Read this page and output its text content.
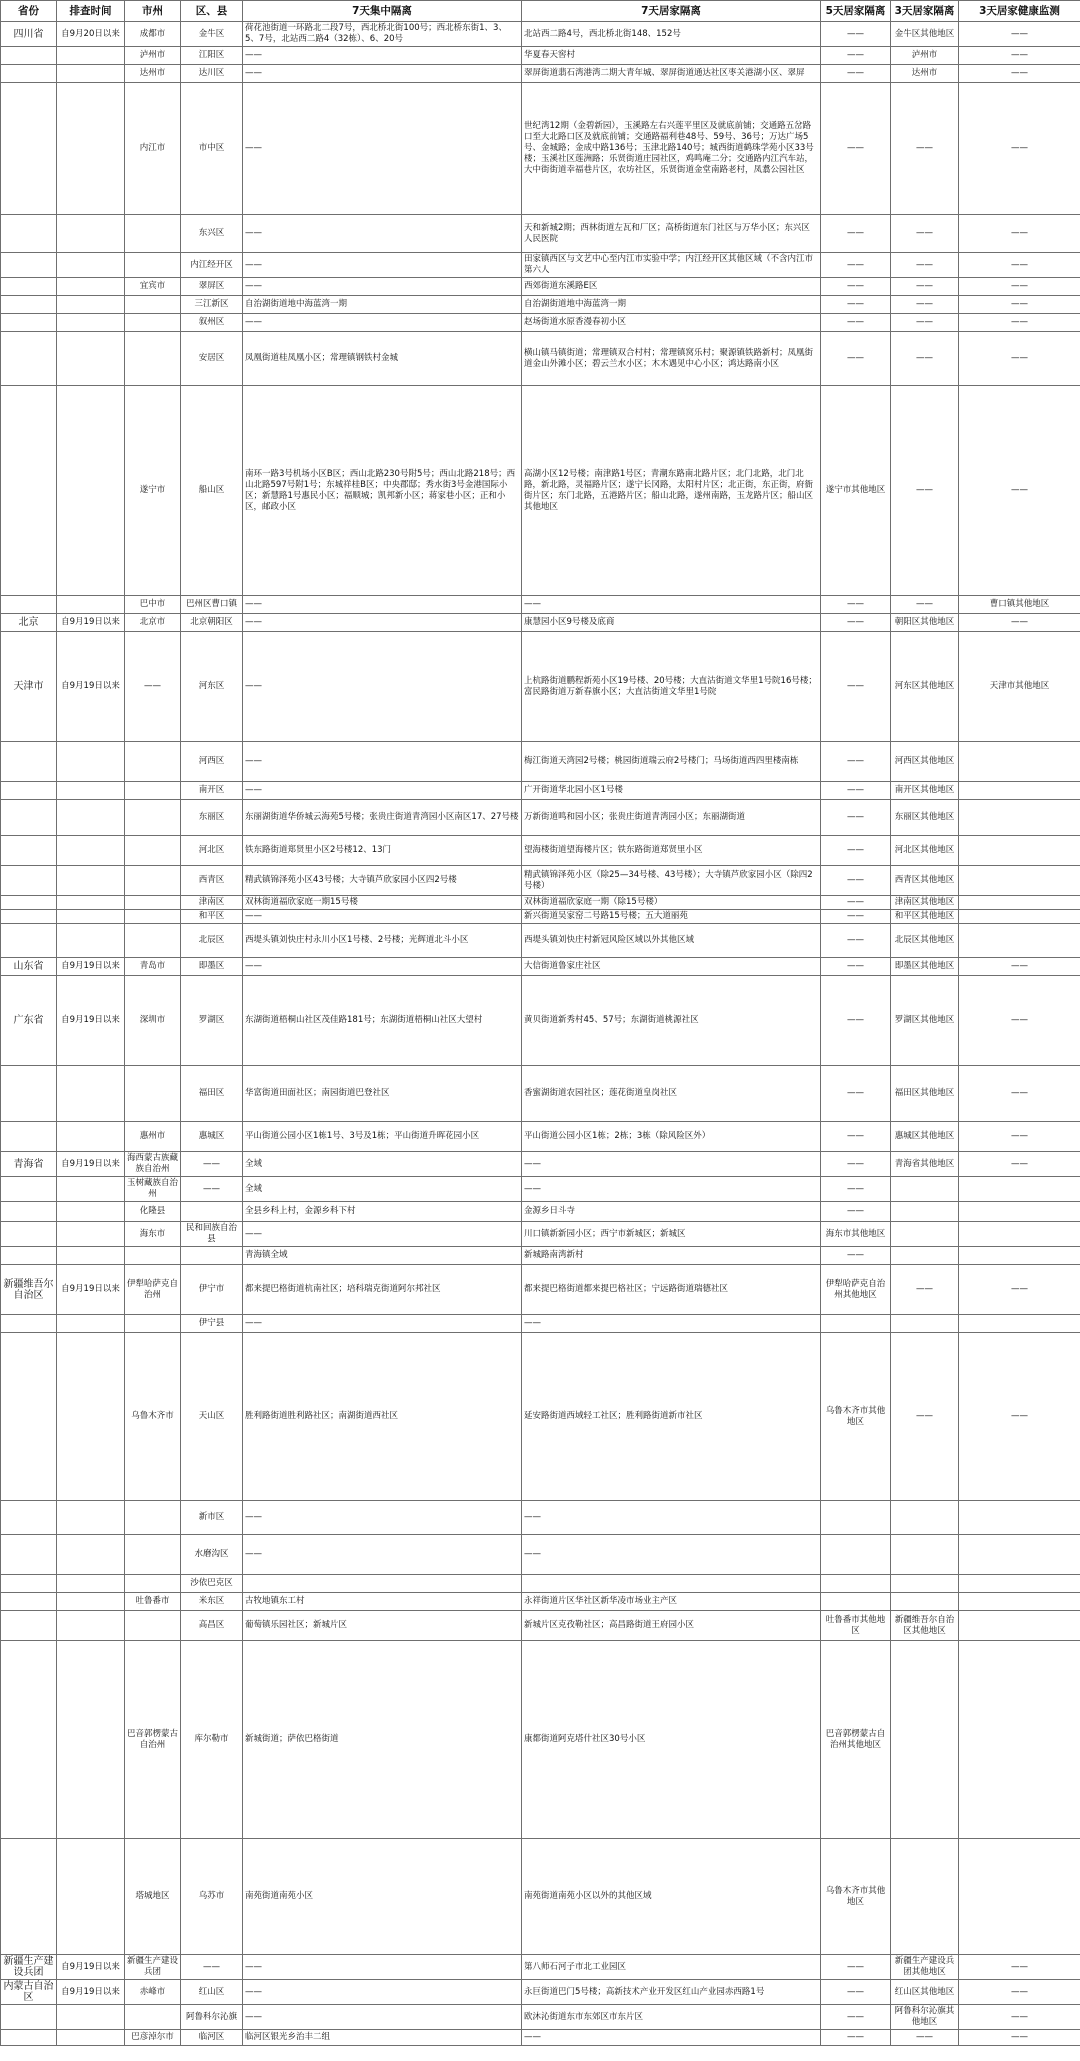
省份	排查时间	市州	区、县	7天集中隔离	7天居家隔离	5天居家隔离	3天居家隔离	3天居家健康监测
四川省	自9月20日以来	成都市	金牛区	荷花池街道一环路北二段7号，西北桥北街100号；西北桥东街1、3、5、7号，北站西二路4（32栋）、6、20号	北站西二路4号，西北桥北街148、152号	——	金牛区其他地区	——
		泸州市	江阳区	——	华夏春天窖村	——	泸州市	——
		达州市	达川区	——	翠屏街道翡石湾港湾二期大青年城、翠屏街道通达社区枣关港湖小区、翠屏	——	达州市	——
		内江市	市中区	——	世纪湾12期（金碧新园），玉溪路左右兴莲平里区及就底前铺；交通路五岔路口至大北路口区及就底前铺；交通路福利巷48号、59号、36号；万达广场5号、金城路；金成中路136号；玉津北路140号；城西街道鹤珠学苑小区33号楼；玉溪社区莲洲路；乐贤街道庄园社区，鸡鸣庵二分；交通路内江汽车站，大中街街道幸福巷片区，农坊社区，乐贤街道金堂南路老村，凤翥公园社区	——	——	——
			东兴区	——	天和新城2期；西林街道左瓦和厂区；高桥街道东门社区与万华小区；东兴区人民医院	——	——	——
			内江经开区	——	田家镇西区与文艺中心至内江市实验中学；内江经开区其他区域（不含内江市第六人	——	——	——
		宜宾市	翠屏区	——	西郊街道东溪路E区	——	——	——
			三江新区	自治湖街道地中海蓝湾一期	自治湖街道地中海蓝湾一期	——	——	——
			叙州区	——	赵场街道水原香漫春初小区	——	——	——
			安居区	凤凰街道桂凤凰小区；常理镇钢铁村金城	横山镇马镇街道；常理镇双合村村；常理镇窝乐村；聚源镇铁路新村；凤凰街道金山外滩小区；碧云兰水小区；木木遇见中心小区；鸿达路南小区	——	——	——
		遂宁市	船山区	南环一路3号机场小区B区；西山北路230号附5号；西山北路218号；西山北路597号附1号；东城祥桂B区；中央郡邸；秀水街3号金港国际小区；新慧路1号惠民小区；福顺城；凯邦新小区；蒋家巷小区；正和小区，邮政小区	高湖小区12号楼；南津路1号区；青潮东路南北路片区；北门北路，北门北路，新北路，灵福路片区；遂宁长冈路，太阳村片区；北正街，东正街，府衙街片区；东门北路，五港路片区；船山北路，遂州南路，玉龙路片区；船山区其他地区	遂宁市其他地区	——	——
		巴中市	巴州区曹口镇	——	——	——	——	曹口镇其他地区
北京	自9月19日以来	北京市	北京朝阳区	——	康慧园小区9号楼及底商	——	朝阳区其他地区	——
天津市	自9月19日以来	——	河东区	——	上杭路街道鹏程新苑小区19号楼、20号楼；大直沽街道文华里1号院16号楼；富民路街道万新春旗小区；大直沽街道文华里1号院	——	河东区其他地区	天津市其他地区
			河西区	——	梅江街道天湾园2号楼；桃园街道瑞云府2号楼门；马场街道西四里楼南栋	——	河西区其他地区	
			南开区	——	广开街道华北园小区1号楼	——	南开区其他地区	
			东丽区	东丽湖街道华侨城云海苑5号楼；张贵庄街道青湾园小区南区17、27号楼	万新街道鸣和园小区；张贵庄街道青湾园小区；东丽湖街道	——	东丽区其他地区	
			河北区	铁东路街道郑贤里小区2号楼12、13门	望海楼街道望海楼片区；铁东路街道郑贤里小区	——	河北区其他地区	
			西青区	精武镇锦泽苑小区43号楼；大寺镇芦欣家园小区四2号楼	精武镇锦泽苑小区（除25—34号楼、43号楼）；大寺镇芦欣家园小区（除四2号楼）	——	西青区其他地区	
			津南区	双林街道福欣家庭一期15号楼	双林街道福欣家庭一期（除15号楼）	——	津南区其他地区	
			和平区	——	新兴街道吴家窑二号路15号楼；五大道丽苑	——	和平区其他地区	
			北辰区	西堤头镇刘快庄村永川小区1号楼、2号楼；光辉道北斗小区	西堤头镇刘快庄村新冠风险区域以外其他区域	——	北辰区其他地区	
山东省	自9月19日以来	青岛市	即墨区	——	大信街道鲁家庄社区	——	即墨区其他地区	——
广东省	自9月19日以来	深圳市	罗湖区	东湖街道梧桐山社区茂佳路181号；东湖街道梧桐山社区大望村	黄贝街道新秀村45、57号；东湖街道桃源社区	——	罗湖区其他地区	——
			福田区	华富街道田面社区；南园街道巴登社区	香蜜湖街道农园社区；莲花街道皇岗社区	——	福田区其他地区	——
		惠州市	惠城区	平山街道公园小区1栋1号、3号及1栋；平山街道升晖花园小区	平山街道公园小区1栋；2栋；3栋（除风险区外）	——	惠城区其他地区	——
青海省	自9月19日以来	海西蒙古族藏族自治州	——	全域	——	——	青海省其他地区	——
		玉树藏族自治州	——	全域	——	——		
		化隆县		全县乡科上村，金源乡科下村	金源乡日斗寺	——		
		海东市	民和回族自治县	——	川口镇新新园小区；西宁市新城区；新城区	海东市其他地区		
				青海镇全域	新城路南湾新村	——		
新疆维吾尔自治区	自9月19日以来	伊犁哈萨克自治州	伊宁市	都来提巴格街道杭南社区；培科瑞克街道阿尔邦社区	都来提巴格街道都来提巴格社区；宁远路街道瑞德社区	伊犁哈萨克自治州其他地区	——	——
			伊宁县	——	——			
		乌鲁木齐市	天山区	胜利路街道胜利路社区；南湖街道西社区	延安路街道西域轻工社区；胜利路街道新市社区	乌鲁木齐市其他地区	——	——
			新市区	——	——			
			水磨沟区	——	——			
			沙依巴克区					
		吐鲁番市	米东区	古牧地镇东工村	永祥街道片区华社区新华凌市场业主产区			
			高昌区	葡萄镇乐园社区；新城片区	新城片区克孜勒社区；高昌路街道王府园小区	吐鲁番市其他地区	新疆维吾尔自治区其他地区	
		巴音郭楞蒙古自治州	库尔勒市	新城街道；萨依巴格街道	康都街道阿克塔什社区30号小区	巴音郭楞蒙古自治州其他地区		
		塔城地区	乌苏市	南苑街道南苑小区	南苑街道南苑小区以外的其他区域	乌鲁木齐市其他地区		
新疆生产建设兵团	自9月19日以来	新疆生产建设兵团	——	——	第八师石河子市北工业园区	——	新疆生产建设兵团其他地区	——
内蒙古自治区	自9月19日以来	赤峰市	红山区	——	永巨街道巴门5号楼；高新技术产业开发区红山产业园赤西路1号	——	红山区其他地区	——
			阿鲁科尔沁旗	——	欧沐沁街道东市东郊区市东片区	——	阿鲁科尔沁旗其他地区	——
		巴彦淖尔市	临河区	临河区银光乡治丰二组	——	——	——	——
